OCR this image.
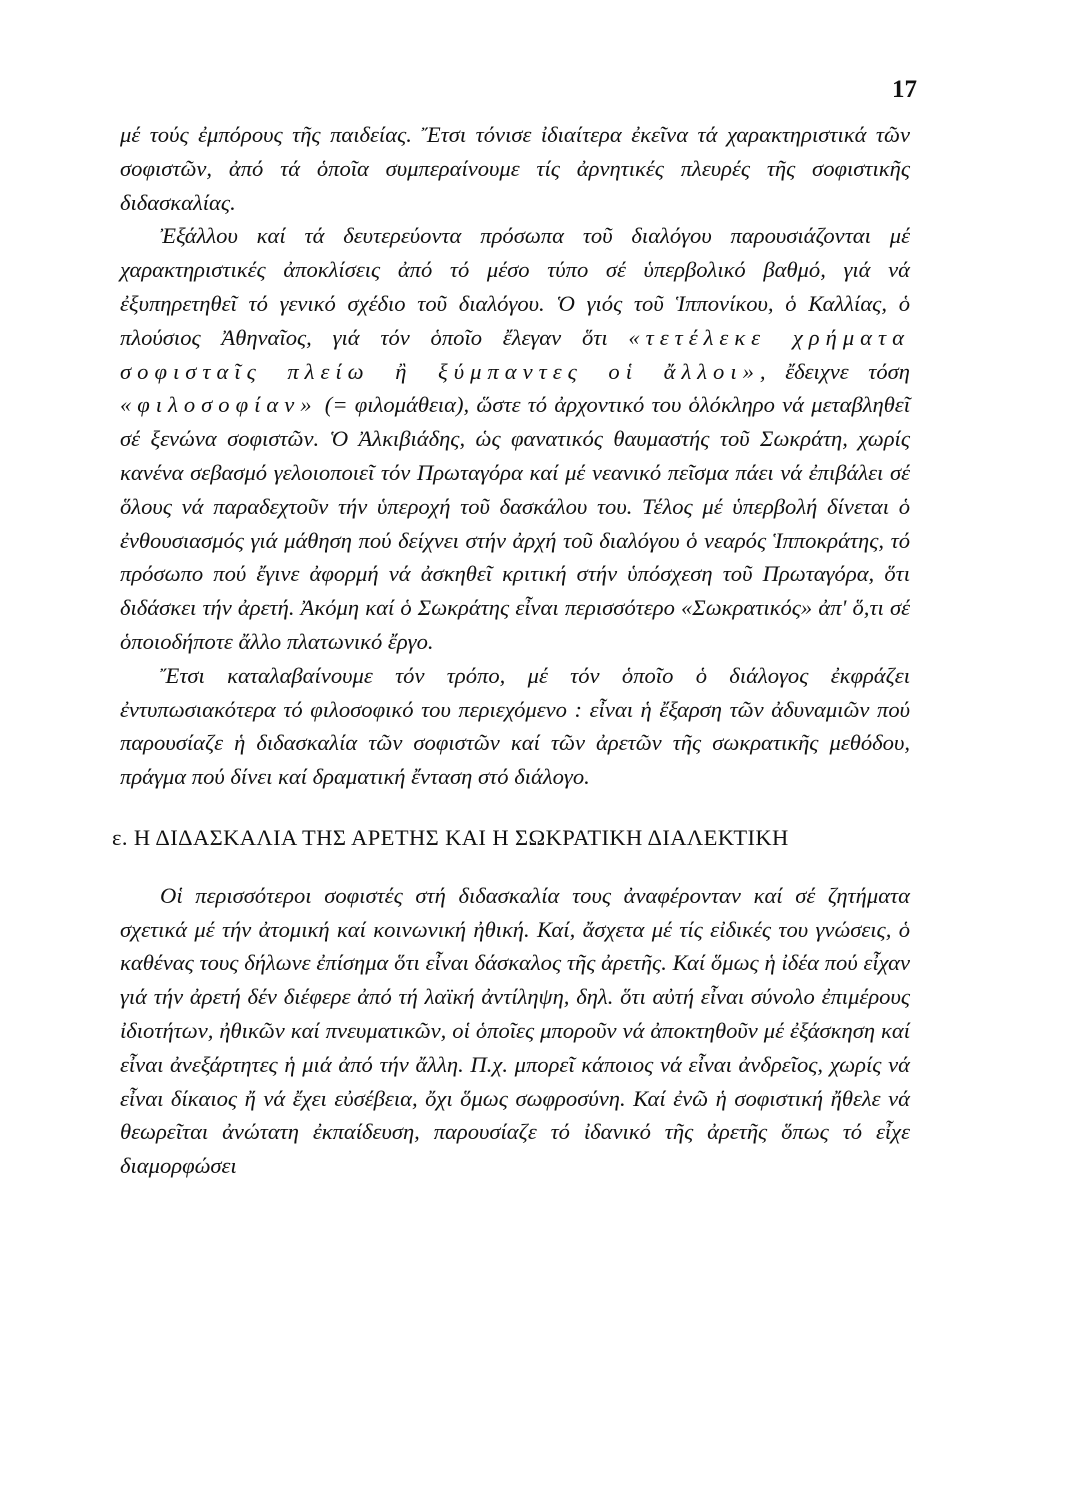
17

μέ τούς ἐμπόρους τῆς παιδείας. Ἔτσι τόνισε ἰδιαίτερα ἐκεῖνα τά χαρακτηριστικά τῶν σοφιστῶν, ἀπό τά ὁποῖα συμπεραίνουμε τίς ἀρνητικές πλευρές τῆς σοφιστικῆς διδασκαλίας.

Ἐξάλλου καί τά δευτερεύοντα πρόσωπα τοῦ διαλόγου παρουσιάζονται μέ χαρακτηριστικές ἀποκλίσεις ἀπό τό μέσο τύπο σέ ὑπερβολικό βαθμό, γιά νά ἐξυπηρετηθεῖ τό γενικό σχέδιο τοῦ διαλόγου. Ὁ γιός τοῦ Ἱππονίκου, ὁ Καλλίας, ὁ πλούσιος Ἀθηναῖος, γιά τόν ὁποῖο ἔλεγαν ὅτι «τετέλεκε χρήματα σοφισταῖς πλείω ἢ ξύμπαντες οἱ ἄλλοι», ἔδειχνε τόση «φιλοσοφίαν» (= φιλομάθεια), ὥστε τό ἀρχοντικό του ὁλόκληρο νά μεταβληθεῖ σέ ξενώνα σοφιστῶν. Ὁ Ἀλκιβιάδης, ὡς φανατικός θαυμαστής τοῦ Σωκράτη, χωρίς κανένα σεβασμό γελοιοποιεῖ τόν Πρωταγόρα καί μέ νεανικό πεῖσμα πάει νά ἐπιβάλει σέ ὅλους νά παραδεχτοῦν τήν ὑπεροχή τοῦ δασκάλου του. Τέλος μέ ὑπερβολή δίνεται ὁ ἐνθουσιασμός γιά μάθηση πού δείχνει στήν ἀρχή τοῦ διαλόγου ὁ νεαρός Ἱπποκράτης, τό πρόσωπο πού ἔγινε ἀφορμή νά ἀσκηθεῖ κριτική στήν ὑπόσχεση τοῦ Πρωταγόρα, ὅτι διδάσκει τήν ἀρετή. Ἀκόμη καί ὁ Σωκράτης εἶναι περισσότερο «Σωκρατικός» ἀπ' ὅ,τι σέ ὁποιοδήποτε ἄλλο πλατωνικό ἔργο.

Ἔτσι καταλαβαίνουμε τόν τρόπο, μέ τόν ὁποῖο ὁ διάλογος ἐκφράζει ἐντυπωσιακότερα τό φιλοσοφικό του περιεχόμενο : εἶναι ἡ ἔξαρση τῶν ἀδυναμιῶν πού παρουσίαζε ἡ διδασκαλία τῶν σοφιστῶν καί τῶν ἀρετῶν τῆς σωκρατικῆς μεθόδου, πράγμα πού δίνει καί δραματική ἔνταση στό διάλογο.

ε. Η ΔΙΔΑΣΚΑΛΙΑ ΤΗΣ ΑΡΕΤΗΣ ΚΑΙ Η ΣΩΚΡΑΤΙΚΗ ΔΙΑΛΕΚΤΙΚΗ

Οἱ περισσότεροι σοφιστές στή διδασκαλία τους ἀναφέρονταν καί σέ ζητήματα σχετικά μέ τήν ἀτομική καί κοινωνική ἠθική. Καί, ἄσχετα μέ τίς εἰδικές του γνώσεις, ὁ καθένας τους δήλωνε ἐπίσημα ὅτι εἶναι δάσκαλος τῆς ἀρετῆς. Καί ὅμως ἡ ἰδέα πού εἶχαν γιά τήν ἀρετή δέν διέφερε ἀπό τή λαϊκή ἀντίληψη, δηλ. ὅτι αὐτή εἶναι σύνολο ἐπιμέρους ἰδιοτήτων, ἠθικῶν καί πνευματικῶν, οἱ ὁποῖες μποροῦν νά ἀποκτηθοῦν μέ ἐξάσκηση καί εἶναι ἀνεξάρτητες ἡ μιά ἀπό τήν ἄλλη. Π.χ. μπορεῖ κάποιος νά εἶναι ἀνδρεῖος, χωρίς νά εἶναι δίκαιος ἤ νά ἔχει εὐσέβεια, ὄχι ὅμως σωφροσύνη. Καί ἐνῶ ἡ σοφιστική ἤθελε νά θεωρεῖται ἀνώτατη ἐκπαίδευση, παρουσίαζε τό ἰδανικό τῆς ἀρετῆς ὅπως τό εἶχε διαμορφώσει
